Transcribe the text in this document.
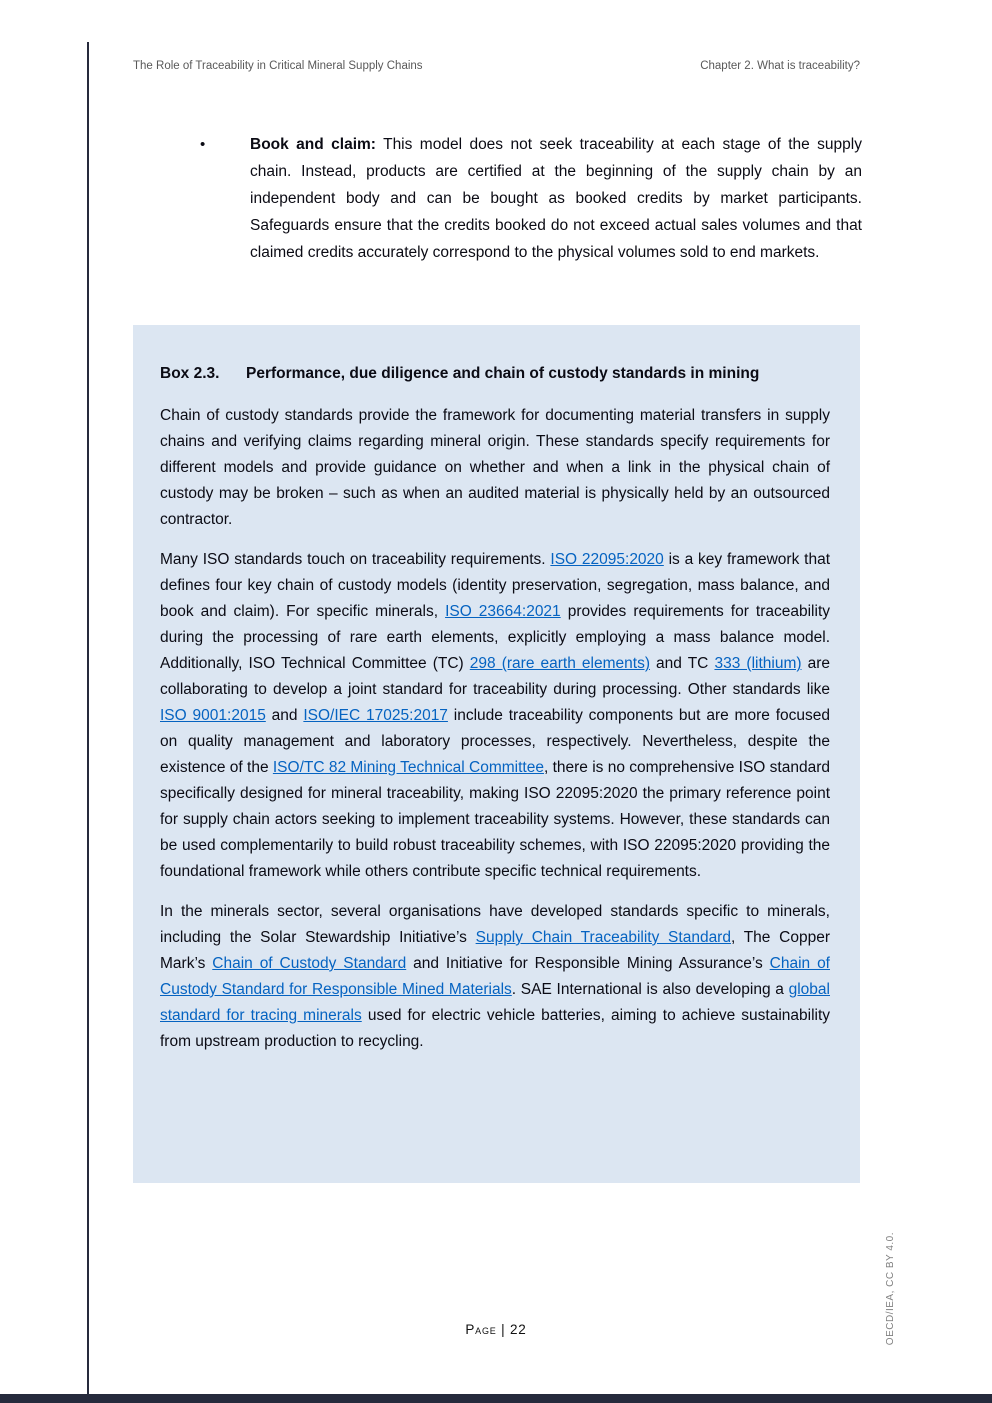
The Role of Traceability in Critical Mineral Supply Chains	Chapter 2. What is traceability?
•	Book and claim: This model does not seek traceability at each stage of the supply chain. Instead, products are certified at the beginning of the supply chain by an independent body and can be bought as booked credits by market participants. Safeguards ensure that the credits booked do not exceed actual sales volumes and that claimed credits accurately correspond to the physical volumes sold to end markets.

Box 2.3.	Performance, due diligence and chain of custody standards in mining

Chain of custody standards provide the framework for documenting material transfers in supply chains and verifying claims regarding mineral origin. These standards specify requirements for different models and provide guidance on whether and when a link in the physical chain of custody may be broken – such as when an audited material is physically held by an outsourced contractor.

Many ISO standards touch on traceability requirements. ISO 22095:2020 is a key framework that defines four key chain of custody models (identity preservation, segregation, mass balance, and book and claim). For specific minerals, ISO 23664:2021 provides requirements for traceability during the processing of rare earth elements, explicitly employing a mass balance model. Additionally, ISO Technical Committee (TC) 298 (rare earth elements) and TC 333 (lithium) are collaborating to develop a joint standard for traceability during processing. Other standards like ISO 9001:2015 and ISO/IEC 17025:2017 include traceability components but are more focused on quality management and laboratory processes, respectively. Nevertheless, despite the existence of the ISO/TC 82 Mining Technical Committee, there is no comprehensive ISO standard specifically designed for mineral traceability, making ISO 22095:2020 the primary reference point for supply chain actors seeking to implement traceability systems. However, these standards can be used complementarily to build robust traceability schemes, with ISO 22095:2020 providing the foundational framework while others contribute specific technical requirements.

In the minerals sector, several organisations have developed standards specific to minerals, including the Solar Stewardship Initiative’s Supply Chain Traceability Standard, The Copper Mark’s Chain of Custody Standard and Initiative for Responsible Mining Assurance’s Chain of Custody Standard for Responsible Mined Materials. SAE International is also developing a global standard for tracing minerals used for electric vehicle batteries, aiming to achieve sustainability from upstream production to recycling.

Page | 22	OECD/IEA, CC BY 4.0.
